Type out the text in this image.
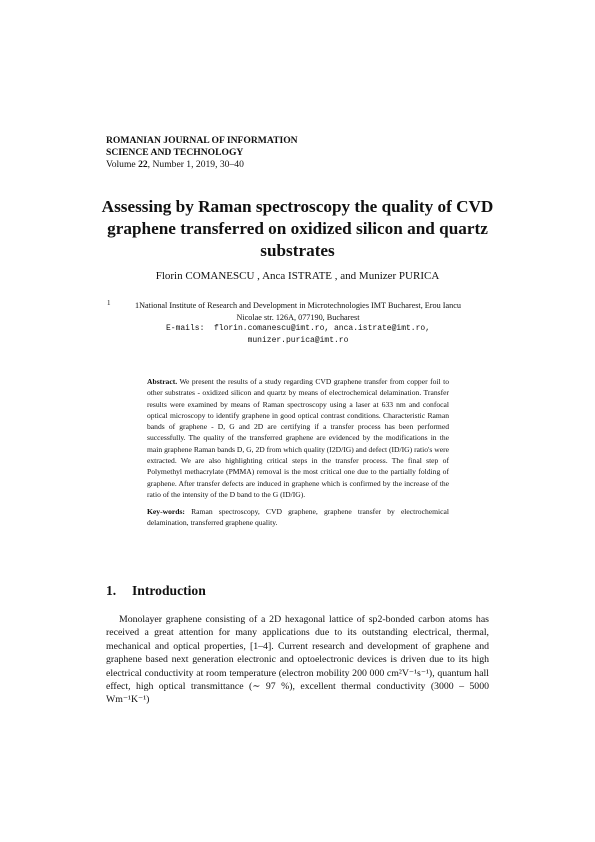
ROMANIAN JOURNAL OF INFORMATION
SCIENCE AND TECHNOLOGY
Volume 22, Number 1, 2019, 30–40
Assessing by Raman spectroscopy the quality of CVD graphene transferred on oxidized silicon and quartz substrates
Florin COMANESCU , Anca ISTRATE , and Munizer PURICA
1	1National Institute of Research and Development in Microtechnologies IMT Bucharest, Erou Iancu
Nicolae str. 126A, 077190, Bucharest
E-mails:  florin.comanescu@imt.ro, anca.istrate@imt.ro,
munizer.purica@imt.ro
Abstract. We present the results of a study regarding CVD graphene transfer from copper foil to other substrates - oxidized silicon and quartz by means of electrochemical delamination. Transfer results were examined by means of Raman spectroscopy using a laser at 633 nm and confocal optical microscopy to identify graphene in good optical contrast conditions. Characteristic Raman bands of graphene - D, G and 2D are certifying if a transfer process has been performed successfully. The quality of the transferred graphene are evidenced by the modifications in the main graphene Raman bands D, G, 2D from which quality (I2D/IG) and defect (ID/IG) ratio's were extracted. We are also highlighting critical steps in the transfer process. The final step of Polymethyl methacrylate (PMMA) removal is the most critical one due to the partially folding of graphene. After transfer defects are induced in graphene which is confirmed by the increase of the ratio of the intensity of the D band to the G (ID/IG).
Key-words: Raman spectroscopy, CVD graphene, graphene transfer by electrochemical delamination, transferred graphene quality.
1. Introduction
Monolayer graphene consisting of a 2D hexagonal lattice of sp2-bonded carbon atoms has received a great attention for many applications due to its outstanding electrical, thermal, mechanical and optical properties, [1–4]. Current research and development of graphene and graphene based next generation electronic and optoelectronic devices is driven due to its high electrical conductivity at room temperature (electron mobility 200 000 cm²V⁻¹s⁻¹), quantum hall effect, high optical transmittance (∼ 97 %), excellent thermal conductivity (3000 – 5000 Wm⁻¹K⁻¹)
